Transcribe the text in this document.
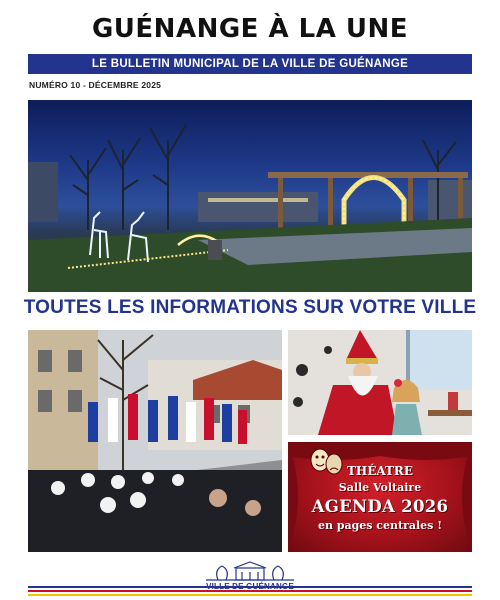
GUÉNANGE À LA UNE
LE BULLETIN MUNICIPAL DE LA VILLE DE GUÉNANGE
NUMÉRO 10 - DÉCEMBRE 2025
TOUTES LES INFORMATIONS SUR VOTRE VILLE
THÉATRE
Salle Voltaire
AGENDA 2026
en pages centrales !
VILLE DE GUÉNANGE
